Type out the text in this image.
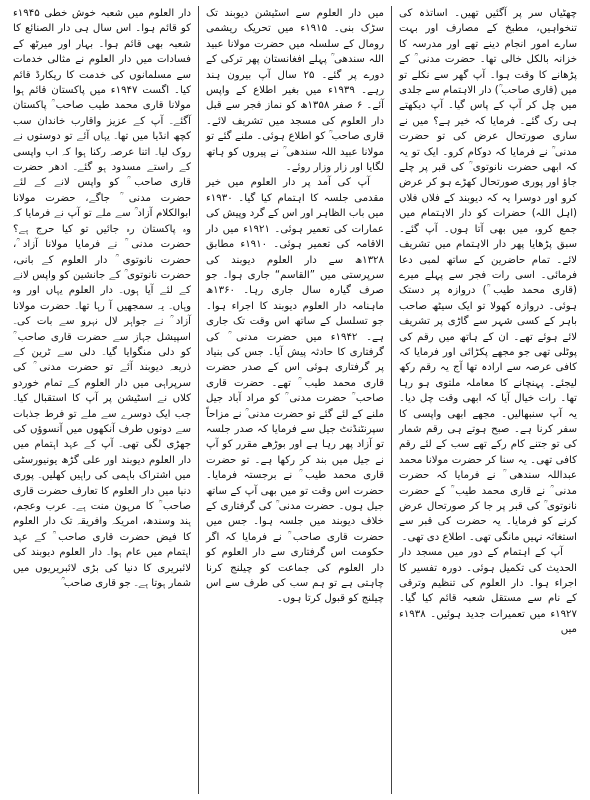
چھٹیاں سر پر آگئیں تھیں۔ اساتذہ کی تنخواہیں، مطبخ کے مصارف اور بہت سارے امور انجام دینے تھے اور مدرسہ کا خزانہ بالکل خالی تھا۔ حضرت مدنی ؒ کے پڑھانے کا وقت ہوا۔ آپ گھر سے نکلے تو میں (قاری صاحب ؒ) دار الاہتمام سے جلدی میں چل کر آپ کے پاس گیا۔ آپ دیکھتے ہی رک گئے۔ فرمایا کہ خیر ہے؟ میں نے ساری صورتحال عرض کی تو حضرت مدنی ؒ نے فرمایا کہ دوکام کرو۔ ایک تو یہ کہ ابھی حضرت نانوتوی ؒ کی قبر پر چلے جاؤ اور پوری صورتحال کھڑے ہو کر عرض کرو اور دوسرا یہ کہ دیوبند کے فلاں فلاں (اہل اللہ) حضرات کو دار الاہتمام میں جمع کرو، میں بھی آتا ہوں۔ آپ گئے۔ سبق پڑھایا پھر دار الاہتمام میں تشریف لائے۔ تمام حاضرین کے ساتھ لمبی دعا فرمائی۔ اسی رات فجر سے پہلے میرے (قاری محمد طیب ؒ) دروازہ پر دستک ہوئی۔ دروازہ کھولا تو ایک سیٹھ صاحب باہر کے کسی شہر سے گاڑی پر تشریف لائے ہوئے تھے۔ ان کے ہاتھ میں رقم کی پوٹلی تھی جو مجھے پکڑائی اور فرمایا کہ کافی عرصہ سے ارادہ تھا آج یہ رقم رکھ لیجئے۔ پہنچانے کا معاملہ ملتوی ہو رہا تھا۔ رات خیال آیا کہ ابھی وقت چل دیا۔ یہ آپ سنبھالیں۔ مجھے ابھی واپسی کا سفر کرنا ہے۔ صبح ہوتے ہی رقم شمار کی تو جتنے کام رکے تھے سب کے لئے رقم کافی تھی۔ یہ سنا کر حضرت مولانا محمد عبداللہ سندھی ؒ نے فرمایا کہ حضرت مدنی ؒ نے قاری محمد طیب ؒ کے حضرت نانوتوی ؒ کی قبر پر جا کر صورتحال عرض کرنے کو فرمایا۔ یہ حضرت کی قبر سے استغاثہ نہیں مانگی تھی۔ اطلاع دی تھی۔

آپ کے اہتمام کے دور میں مسجد دار الحدیث کی تکمیل ہوئی۔ دورہ تفسیر کا اجراء ہوا۔ دار العلوم کی تنظیم وترقی کے نام سے مستقل شعبہ قائم کیا گیا۔ ۱۹۲۷ء میں تعمیرات جدید ہوئیں۔ ۱۹۳۸ء میں

میں دار العلوم سے اسٹیشن دیوبند تک سڑک بنی۔ ۱۹۱۵ء میں تحریک ریشمی رومال کے سلسلہ میں حضرت مولانا عبید اللہ سندھی ؒ پہلے افغانستان پھر ترکی کے دورے پر گئے۔ ۲۵ سال آپ بیرون ہند رہے۔ ۱۹۳۹ء میں بغیر اطلاع کے واپس آئے۔ ۶ صفر ۱۳۵۸ھ کو نماز فجر سے قبل دار العلوم کی مسجد میں تشریف لائے۔ قاری صاحب ؒ کو اطلاع ہوئی۔ ملنے گئے تو مولانا عبید اللہ سندھی ؒ نے پیروں کو ہاتھ لگایا اور زار وزار روئے۔

آپ کی آمد پر دار العلوم میں خیر مقدمی جلسہ کا اہتمام کیا گیا۔ ۱۹۳۰ء میں باب الظاہر اور اس کے گرد وپیش کی عمارات کی تعمیر ہوئی۔ ۱۹۲۱ء میں دار الاقامہ کی تعمیر ہوئی۔ ۱۹۱۰ء مطابق ۱۳۲۸ھ سے دار العلوم دیوبند کی سرپرستی میں ”القاسم“ جاری ہوا۔ جو صرف گیارہ سال جاری رہا۔ ۱۳۶۰ھ ماہنامہ دار العلوم دیوبند کا اجراء ہوا۔ جو تسلسل کے ساتھ اس وقت تک جاری ہے۔ ۱۹۴۲ء میں حضرت مدنی ؒ کی گرفتاری کا حادثہ پیش آیا۔ جس کی بنیاد پر گرفتاری ہوئی اس کے صدر حضرت قاری محمد طیب ؒ تھے۔ حضرت قاری صاحب ؒ حضرت مدنی ؒ کو مراد آباد جیل ملنے کے لئے گئے تو حضرت مدنی ؒ نے مزاحاً سپرنٹنڈنٹ جیل سے فرمایا کہ صدر جلسہ تو آزاد پھر رہا ہے اور بوڑھے مقرر کو آپ نے جیل میں بند کر رکھا ہے۔ تو حضرت قاری محمد طیب ؒ نے برجستہ فرمایا۔ حضرت اس وقت تو میں بھی آپ کے ساتھ جیل ہوں۔ حضرت مدنی ؒ کی گرفتاری کے خلاف دیوبند میں جلسہ ہوا۔ جس میں حضرت قاری صاحب ؒ نے فرمایا کہ اگر حکومت اس گرفتاری سے دار العلوم کو دار العلوم کی جماعت کو چیلنج کرنا چاہتی ہے تو ہم سب کی طرف سے اس چیلنج کو قبول کرتا ہوں۔

دار العلوم میں شعبہ خوش خطی ۱۹۴۵ء کو قائم ہوا۔ اس سال ہی دار الصنائع کا شعبہ بھی قائم ہوا۔ بہار اور میرٹھ کے فسادات میں دار العلوم نے مثالی خدمات سے مسلمانوں کی خدمت کا ریکارڈ قائم کیا۔ اگست ۱۹۴۷ء میں پاکستان قائم ہوا مولانا قاری محمد طیب صاحب ؒ پاکستان آگئے۔ آپ کے عزیز واقارب خاندان سب کچھ انڈیا میں تھا۔ یہاں آئے تو دوستوں نے روک لیا۔ اتنا عرصہ رکنا ہوا کہ اب واپسی کے راستے مسدود ہو گئے۔ ادھر حضرت قاری صاحب ؒ کو واپس لانے کے لئے حضرت مدنی ؒ جاگے، حضرت مولانا ابوالکلام آزاد ؒ سے ملے تو آپ نے فرمایا کہ وہ پاکستان رہ جائیں تو کیا حرج ہے؟ حضرت مدنی ؒ نے فرمایا مولانا آزاد ؒ، حضرت نانوتوی ؒ دار العلوم کے بانی، حضرت نانوتوی ؒ کے جانشین کو واپس لانے کے لئے آیا ہوں۔ دار العلوم یہاں اور وہ وہاں۔ یہ سمجھیں آ رہا تھا۔ حضرت مولانا آزاد ؒ نے جواہر لال نہرو سے بات کی۔ اسپیشل جہاز سے حضرت قاری صاحب ؒ کو دلی منگوایا گیا۔ دلی سے ٹرین کے ذریعہ دیوبند آئے تو حضرت مدنی ؒ کی سرپراہی میں دار العلوم کے تمام خوردو کلاں نے اسٹیشن پر آپ کا استقبال کیا۔ جب ایک دوسرے سے ملے تو فرط جذبات سے دونوں طرف آنکھوں میں آنسوؤں کی جھڑی لگی تھی۔ آپ کے عہد اہتمام میں دار العلوم دیوبند اور علی گڑھ یونیورسٹی میں اشتراک باہمی کی راہیں کھلیں۔ پوری دنیا میں دار العلوم کا تعارف حضرت قاری صاحب ؒ کا مرہون منت ہے۔ عرب وعجم، ہند وسندھ، امریکہ وافریقہ تک دار العلوم کا فیض حضرت قاری صاحب ؒ کے عہد اہتمام میں عام ہوا۔ دار العلوم دیوبند کی لائبریری کا دنیا کی بڑی لائبریریوں میں شمار ہوتا ہے۔ جو قاری صاحب ؒ
